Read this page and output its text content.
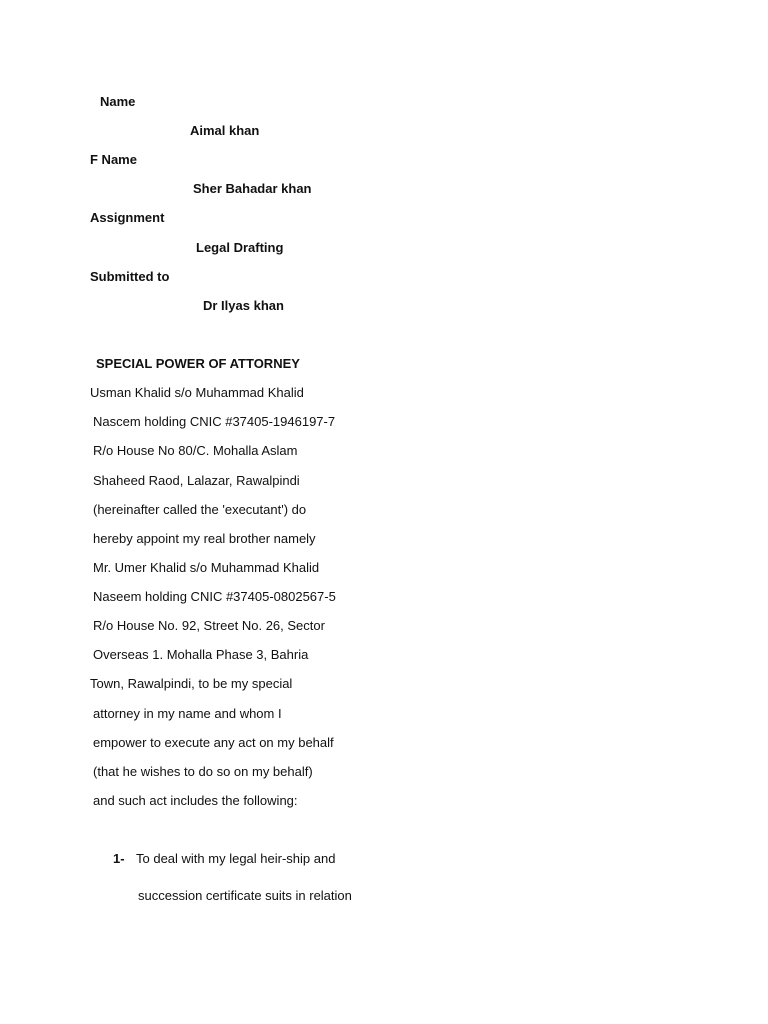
Name
Aimal khan
F Name
Sher Bahadar khan
Assignment
Legal Drafting
Submitted to
Dr Ilyas khan
SPECIAL POWER OF ATTORNEY
Usman Khalid s/o Muhammad Khalid
Nascem holding CNIC #37405-1946197-7
R/o House No 80/C. Mohalla Aslam
Shaheed Raod, Lalazar, Rawalpindi
(hereinafter called the 'executant') do
hereby appoint my real brother namely
Mr. Umer Khalid s/o Muhammad Khalid
Naseem holding CNIC #37405-0802567-5
R/o House No. 92, Street No. 26, Sector
Overseas 1. Mohalla Phase 3, Bahria
Town, Rawalpindi, to be my special
attorney in my name and whom I
empower to execute any act on my behalf
(that he wishes to do so on my behalf)
and such act includes the following:
1- To deal with my legal heir-ship and
succession certificate suits in relation
